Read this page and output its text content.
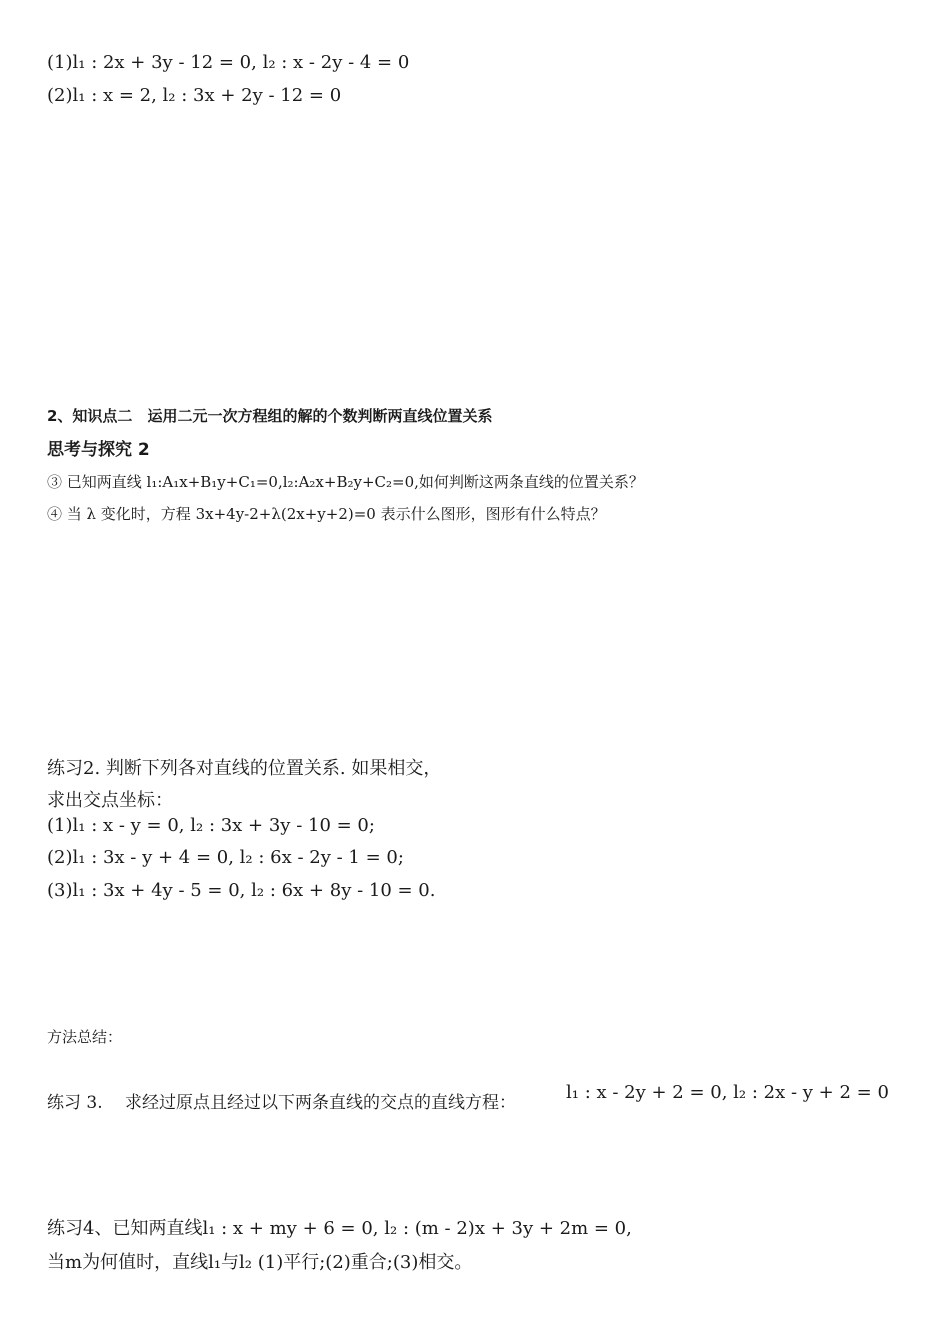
(1)l₁ : 2x + 3y - 12 = 0, l₂ : x - 2y - 4 = 0
(2)l₁ : x = 2, l₂ : 3x + 2y - 12 = 0
2、知识点二　运用二元一次方程组的解的个数判断两直线位置关系
思考与探究 2
③ 已知两直线 l₁:A₁x+B₁y+C₁=0,l₂:A₂x+B₂y+C₂=0,如何判断这两条直线的位置关系？
④ 当 λ 变化时，方程 3x+4y-2+λ(2x+y+2)=0 表示什么图形，图形有什么特点？
练习2. 判断下列各对直线的位置关系. 如果相交，
求出交点坐标：
(1)l₁ : x - y = 0, l₂ : 3x + 3y - 10 = 0;
(2)l₁ : 3x - y + 4 = 0, l₂ : 6x - 2y - 1 = 0;
(3)l₁ : 3x + 4y - 5 = 0, l₂ : 6x + 8y - 10 = 0.
方法总结：
练习 3.　 求经过原点且经过以下两条直线的交点的直线方程：	l₁ : x - 2y + 2 = 0, l₂ : 2x - y + 2 = 0
练习4、已知两直线l₁ : x + my + 6 = 0, l₂ : (m - 2)x + 3y + 2m = 0,
当m为何值时，直线l₁与l₂ (1)平行;(2)重合;(3)相交。
